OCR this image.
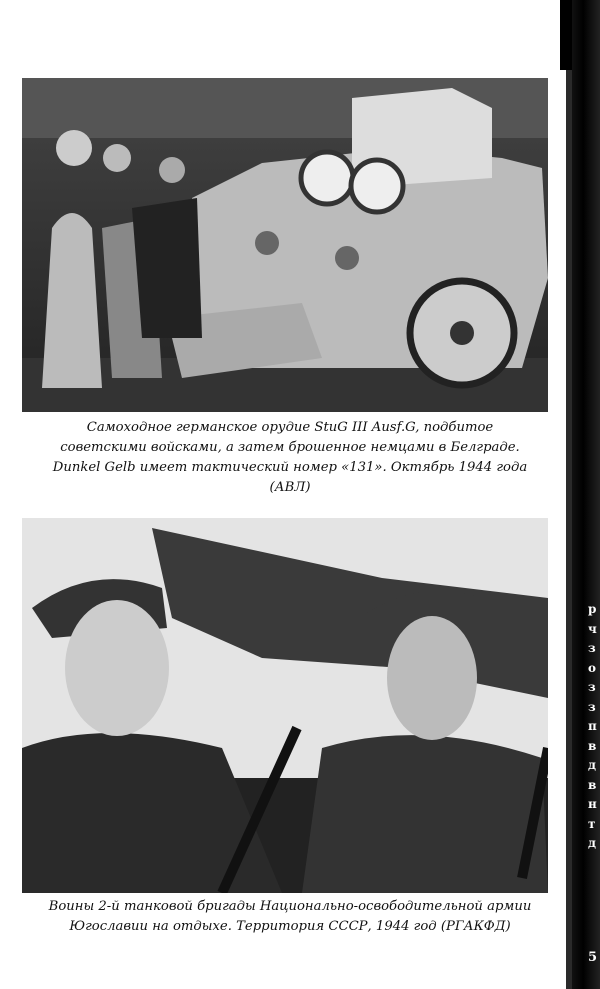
Самоходное германское орудие StuG III Ausf.G, подбитое
советскими войсками, а затем брошенное немцами в Белграде.
Dunkel Gelb имеет тактический номер «131». Октябрь 1944 года
(АВЛ)
Воины 2-й танковой бригады Национально-освободительной армии
Югославии на отдыхе. Территория СССР, 1944 год (РГАКФД)
р
ч
з
о
з
з
п
в
д
в
н
т
д
5
